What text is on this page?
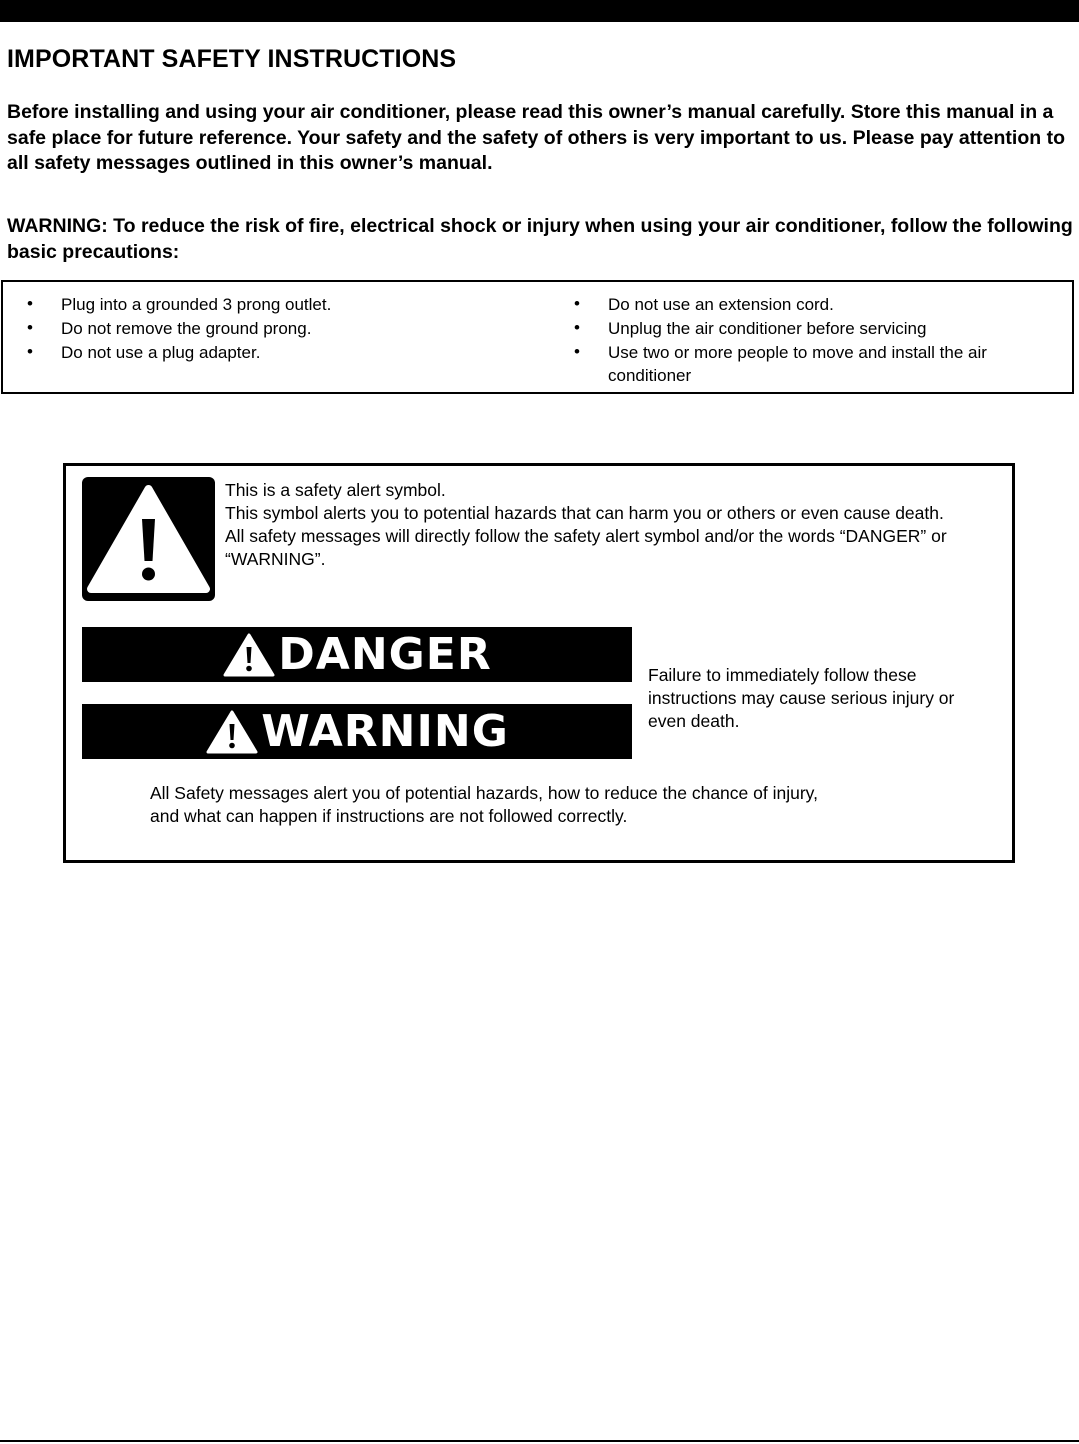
IMPORTANT SAFETY INSTRUCTIONS

Before installing and using your air conditioner, please read this owner’s manual carefully. Store this manual in a safe place for future reference. Your safety and the safety of others is very important to us. Please pay attention to all safety messages outlined in this owner’s manual.

WARNING: To reduce the risk of fire, electrical shock or injury when using your air conditioner, follow the following basic precautions:

• Plug into a grounded 3 prong outlet.
• Do not remove the ground prong.
• Do not use a plug adapter.
• Do not use an extension cord.
• Unplug the air conditioner before servicing
• Use two or more people to move and install the air conditioner

This is a safety alert symbol.
This symbol alerts you to potential hazards that can harm you or others or even cause death.
All safety messages will directly follow the safety alert symbol and/or the words “DANGER” or “WARNING”.

DANGER
WARNING

Failure to immediately follow these instructions may cause serious injury or even death.

All Safety messages alert you of potential hazards, how to reduce the chance of injury,
and what can happen if instructions are not followed correctly.
